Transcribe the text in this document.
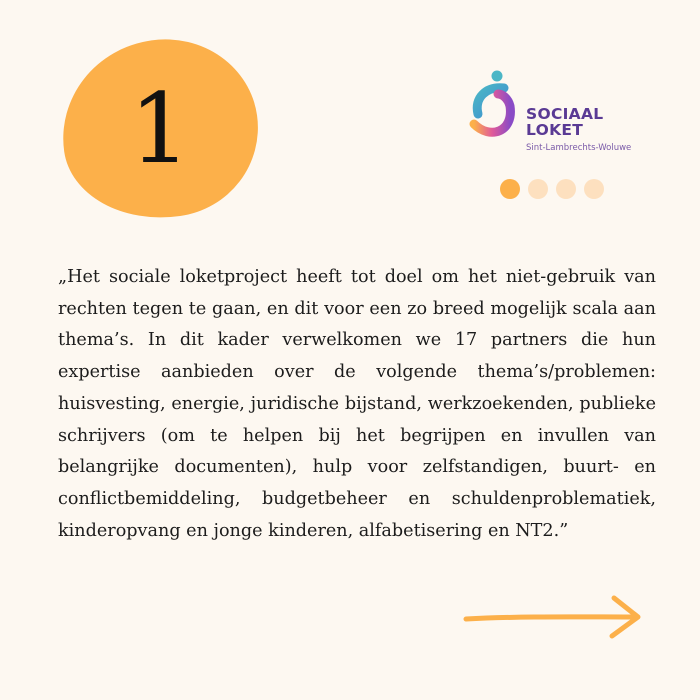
1	SOCIAAL
LOKET

Sint-Lambrechts-Woluwe

„Het sociale loketproject heeft tot doel om het niet-gebruik van rechten tegen te gaan, en dit voor een zo breed mogelijk scala aan thema’s. In dit kader verwelkomen we 17 partners die hun expertise aanbieden over de volgende thema’s/problemen: huisvesting, energie, juridische bijstand, werkzoekenden, publieke schrijvers (om te helpen bij het begrijpen en invullen van belangrijke documenten), hulp voor zelfstandigen, buurt- en conflictbemiddeling, budgetbeheer en schuldenproblematiek, kinderopvang en jonge kinderen, alfabetisering en NT2.”
